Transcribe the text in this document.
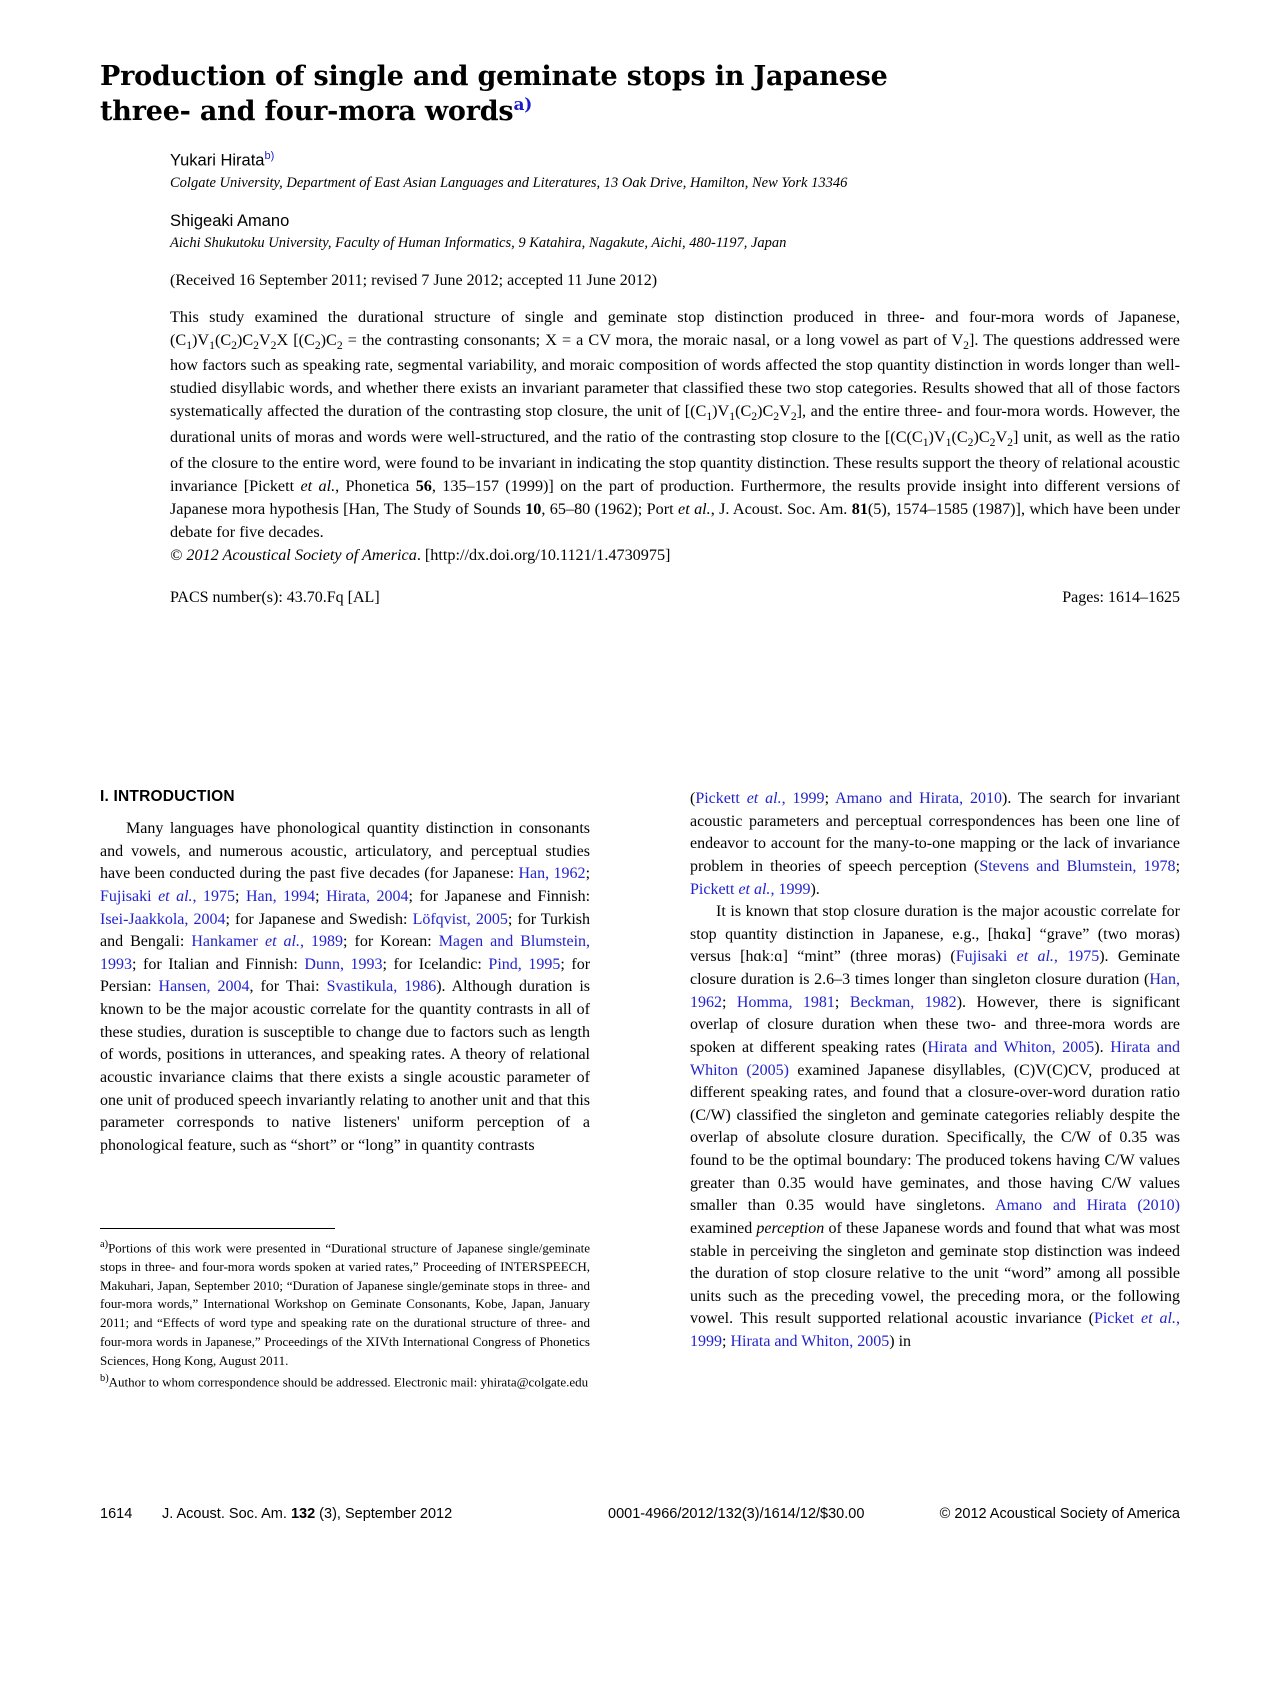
Production of single and geminate stops in Japanese
three- and four-mora words$^{a)}$

Yukari Hirata$^{b)}$

Colgate University, Department of East Asian Languages and Literatures, 13 Oak Drive, Hamilton, New York 13346

Shigeaki Amano

Aichi Shukutoku University, Faculty of Human Informatics, 9 Katahira, Nagakute, Aichi, 480-1197, Japan

(Received 16 September 2011; revised 7 June 2012; accepted 11 June 2012)

This study examined the durational structure of single and geminate stop distinction produced in three- and four-mora words of Japanese, $(C_1)V_1(C_2)C_2V_2X$ [$(C_2)C_2$ = the contrasting consonants; X = a CV mora, the moraic nasal, or a long vowel as part of $V_2$]. The questions addressed were how factors such as speaking rate, segmental variability, and moraic composition of words affected the stop quantity distinction in words longer than well-studied disyllabic words, and whether there exists an invariant parameter that classified these two stop categories. Results showed that all of those factors systematically affected the duration of the contrasting stop closure, the unit of $[(C_1)V_1(C_2)C_2V_2]$, and the entire three- and four-mora words. However, the durational units of moras and words were well-structured, and the ratio of the contrasting stop closure to the [$(C(C_1)V_1(C_2)C_2V_2]$ unit, as well as the ratio of the closure to the entire word, were found to be invariant in indicating the stop quantity distinction. These results support the theory of relational acoustic invariance [Pickett et al., Phonetica 56, 135–157 (1999)] on the part of production. Furthermore, the results provide insight into different versions of Japanese mora hypothesis [Han, The Study of Sounds 10, 65–80 (1962); Port et al., J. Acoust. Soc. Am. 81(5), 1574–1585 (1987)], which have been under debate for five decades.
© 2012 Acoustical Society of America. [http://dx.doi.org/10.1121/1.4730975]

PACS number(s): 43.70.Fq [AL]	Pages: 1614–1625
I. INTRODUCTION

Many languages have phonological quantity distinction in consonants and vowels, and numerous acoustic, articulatory, and perceptual studies have been conducted during the past five decades (for Japanese: Han, 1962; Fujisaki et al., 1975; Han, 1994; Hirata, 2004; for Japanese and Finnish: Isei-Jaakkola, 2004; for Japanese and Swedish: Löfqvist, 2005; for Turkish and Bengali: Hankamer et al., 1989; for Korean: Magen and Blumstein, 1993; for Italian and Finnish: Dunn, 1993; for Icelandic: Pind, 1995; for Persian: Hansen, 2004, for Thai: Svastikula, 1986). Although duration is known to be the major acoustic correlate for the quantity contrasts in all of these studies, duration is susceptible to change due to factors such as length of words, positions in utterances, and speaking rates. A theory of relational acoustic invariance claims that there exists a single acoustic parameter of one unit of produced speech invariantly relating to another unit and that this parameter corresponds to native listeners' uniform perception of a phonological feature, such as “short” or “long” in quantity contrasts

(Pickett et al., 1999; Amano and Hirata, 2010). The search for invariant acoustic parameters and perceptual correspondences has been one line of endeavor to account for the many-to-one mapping or the lack of invariance problem in theories of speech perception (Stevens and Blumstein, 1978; Pickett et al., 1999).

It is known that stop closure duration is the major acoustic correlate for stop quantity distinction in Japanese, e.g., [hɑkɑ] “grave” (two moras) versus [hɑkːɑ] “mint” (three moras) (Fujisaki et al., 1975). Geminate closure duration is 2.6–3 times longer than singleton closure duration (Han, 1962; Homma, 1981; Beckman, 1982). However, there is significant overlap of closure duration when these two- and three-mora words are spoken at different speaking rates (Hirata and Whiton, 2005). Hirata and Whiton (2005) examined Japanese disyllables, (C)V(C)CV, produced at different speaking rates, and found that a closure-over-word duration ratio (C/W) classified the singleton and geminate categories reliably despite the overlap of absolute closure duration. Specifically, the C/W of 0.35 was found to be the optimal boundary: The produced tokens having C/W values greater than 0.35 would have geminates, and those having C/W values smaller than 0.35 would have singletons. Amano and Hirata (2010) examined perception of these Japanese words and found that what was most stable in perceiving the singleton and geminate stop distinction was indeed the duration of stop closure relative to the unit “word” among all possible units such as the preceding vowel, the preceding mora, or the following vowel. This result supported relational acoustic invariance (Picket et al., 1999; Hirata and Whiton, 2005) in

$^{a)}$Portions of this work were presented in “Durational structure of Japanese single/geminate stops in three- and four-mora words spoken at varied rates,” Proceeding of INTERSPEECH, Makuhari, Japan, September 2010; “Duration of Japanese single/geminate stops in three- and four-mora words,” International Workshop on Geminate Consonants, Kobe, Japan, January 2011; and “Effects of word type and speaking rate on the durational structure of three- and four-mora words in Japanese,” Proceedings of the XIVth International Congress of Phonetics Sciences, Hong Kong, August 2011.

$^{b)}$Author to whom correspondence should be addressed. Electronic mail: yhirata@colgate.edu

1614 J. Acoust. Soc. Am. 132 (3), September 2012	0001-4966/2012/132(3)/1614/12/$30.00	© 2012 Acoustical Society of America
